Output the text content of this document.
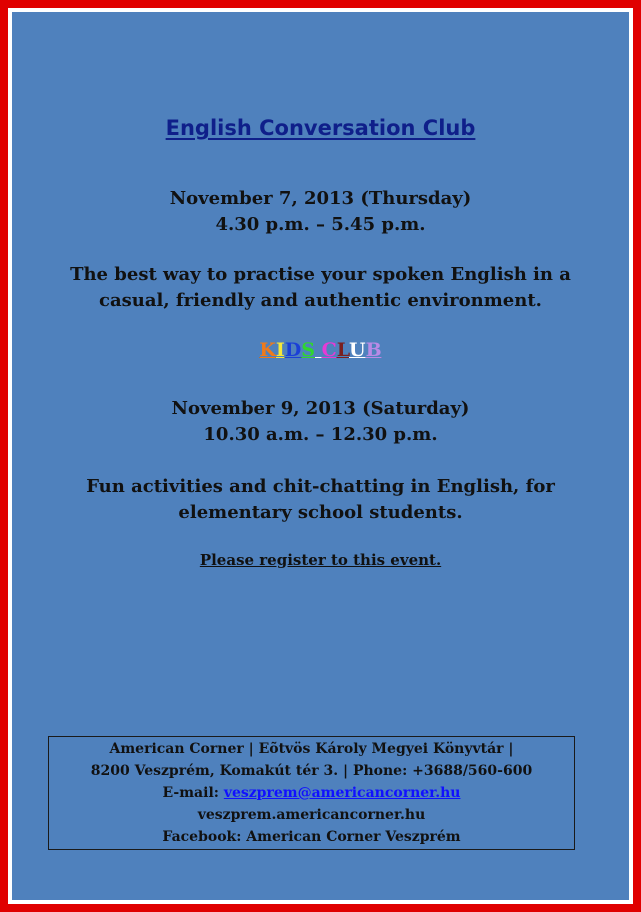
English Conversation Club
November 7, 2013 (Thursday)
4.30 p.m. – 5.45 p.m.
The best way to practise your spoken English in a
casual, friendly and authentic environment.
KIDS CLUB
November 9, 2013 (Saturday)
10.30 a.m. – 12.30 p.m.
Fun activities and chit-chatting in English, for
elementary school students.
Please register to this event.
American Corner | Eõtvös Károly Megyei Könyvtár |
8200 Veszprém, Komakút tér 3. | Phone: +3688/560-600
E-mail: veszprem@americancorner.hu
veszprem.americancorner.hu
Facebook: American Corner Veszprém
